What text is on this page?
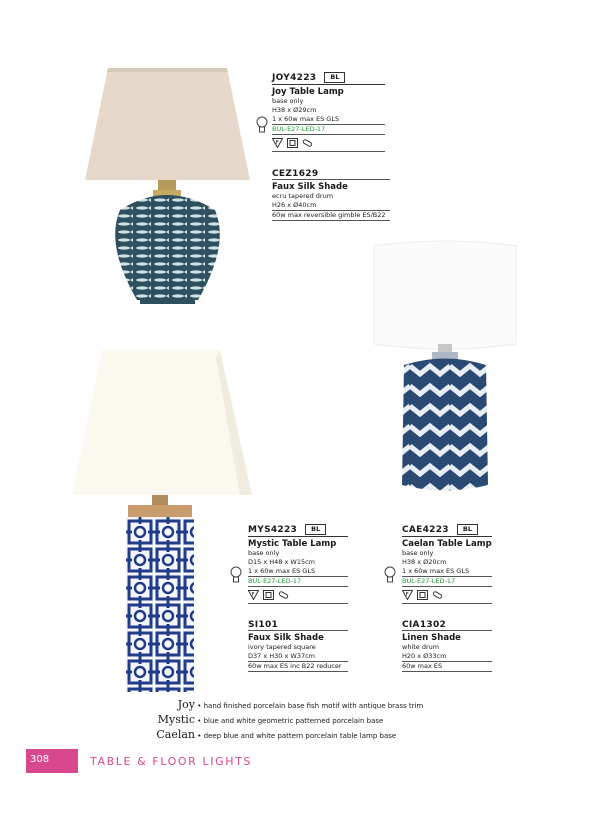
JOY4223	BL
Joy Table Lamp
base only
H38 x Ø29cm
1 x 60w max ES GLS
BUL-E27-LED-17
F
CEZ1629
Faux Silk Shade
ecru tapered drum
H26 x Ø40cm
60w max reversible gimble ES/B22
MYS4223	BL
Mystic Table Lamp
base only
D15 x H48 x W15cm
1 x 60w max ES GLS
BUL-E27-LED-17
F
SI101
Faux Silk Shade
ivory tapered square
D37 x H30 x W37cm
60w max ES inc B22 reducer
CAE4223	BL
Caelan Table Lamp
base only
H38 x Ø20cm
1 x 60w max ES GLS
BUL-E27-LED-17
F
CIA1302
Linen Shade
white drum
H20 x Ø33cm
60w max ES
Joy • hand finished porcelain base fish motif with antique brass trim
Mystic • blue and white geometric patterned porcelain base
Caelan • deep blue and white pattern porcelain table lamp base
308	TABLE & FLOOR LIGHTS
